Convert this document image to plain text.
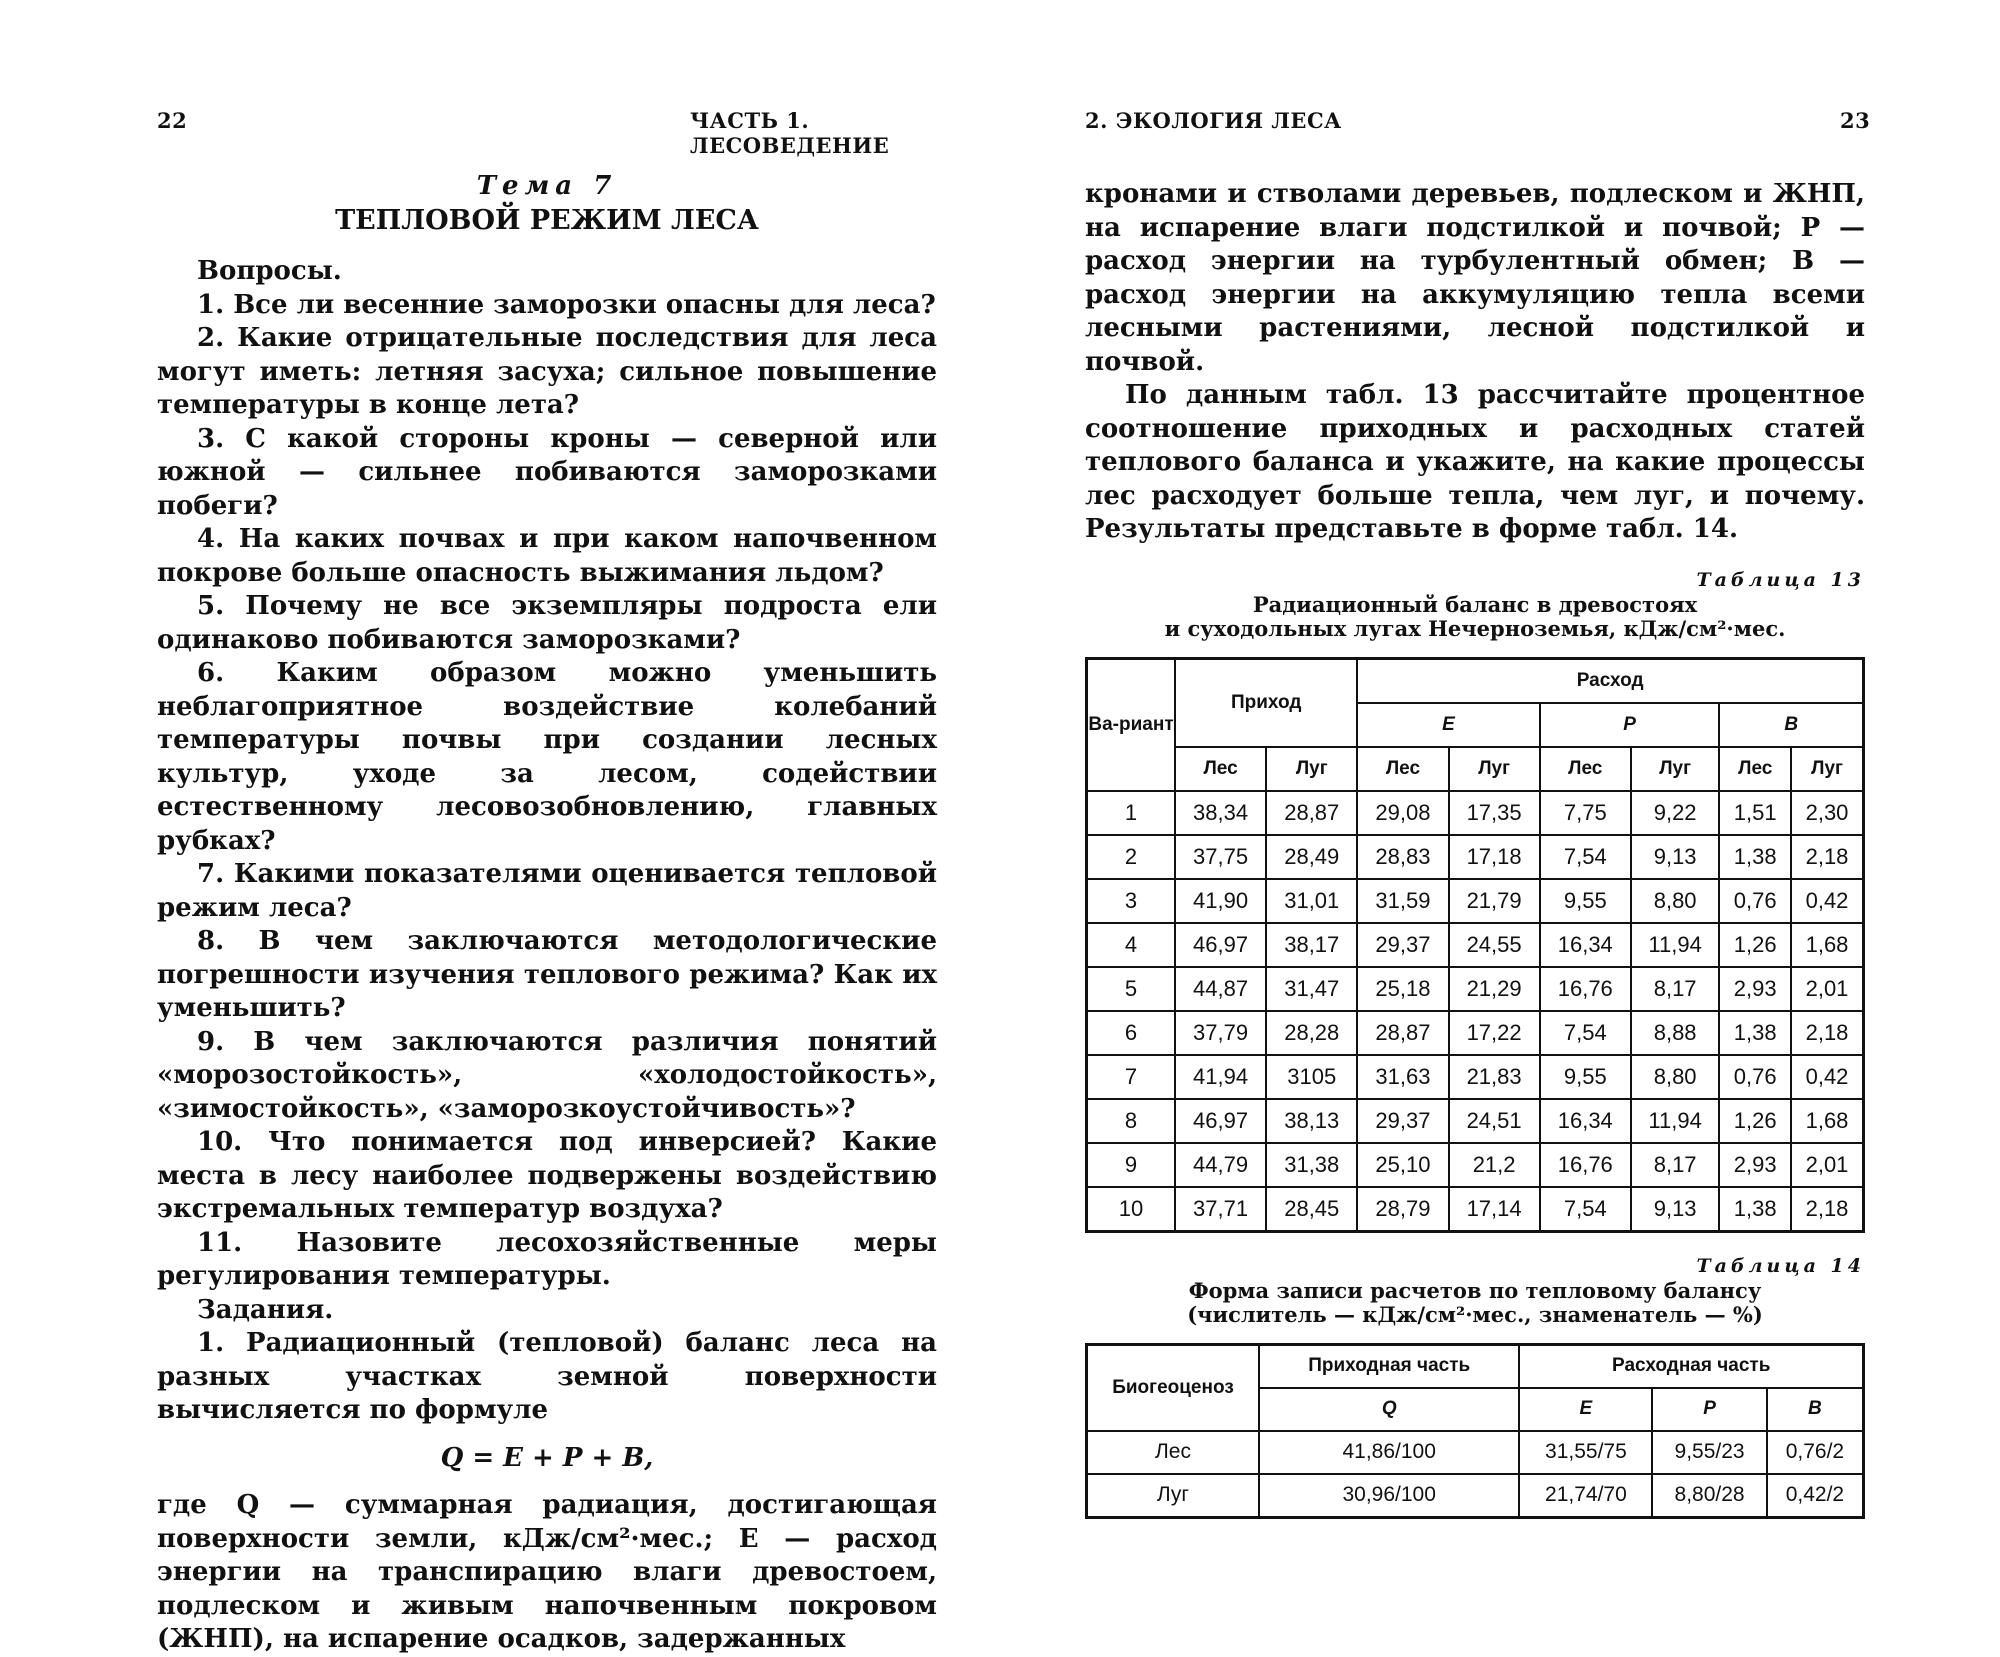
22	ЧАСТЬ 1. ЛЕСОВЕДЕНИЕ

Тема 7

ТЕПЛОВОЙ РЕЖИМ ЛЕСА

Вопросы.

1. Все ли весенние заморозки опасны для леса?

2. Какие отрицательные последствия для леса могут иметь: летняя засуха; сильное повышение температуры в конце лета?

3. С какой стороны кроны — северной или южной — сильнее побиваются заморозками побеги?

4. На каких почвах и при каком напочвенном покрове больше опасность выжимания льдом?

5. Почему не все экземпляры подроста ели одинаково побиваются заморозками?

6. Каким образом можно уменьшить неблагоприятное воздействие колебаний температуры почвы при создании лесных культур, уходе за лесом, содействии естественному лесовозобновлению, главных рубках?

7. Какими показателями оценивается тепловой режим леса?

8. В чем заключаются методологические погрешности изучения теплового режима? Как их уменьшить?

9. В чем заключаются различия понятий «морозостойкость», «холодостойкость», «зимостойкость», «заморозкоустойчивость»?

10. Что понимается под инверсией? Какие места в лесу наиболее подвержены воздействию экстремальных температур воздуха?

11. Назовите лесохозяйственные меры регулирования температуры.

Задания.

1. Радиационный (тепловой) баланс леса на разных участках земной поверхности вычисляется по формуле

Q = E + P + B,

где Q — суммарная радиация, достигающая поверхности земли, кДж/см²·мес.; E — расход энергии на транспирацию влаги древостоем, подлеском и живым напочвенным покровом (ЖНП), на испарение осадков, задержанных

2. ЭКОЛОГИЯ ЛЕСА	23

кронами и стволами деревьев, подлеском и ЖНП, на испарение влаги подстилкой и почвой; P — расход энергии на турбулентный обмен; B — расход энергии на аккумуляцию тепла всеми лесными растениями, лесной подстилкой и почвой.

По данным табл. 13 рассчитайте процентное соотношение приходных и расходных статей теплового баланса и укажите, на какие процессы лес расходует больше тепла, чем луг, и почему. Результаты представьте в форме табл. 14.

Таблица 13

Радиационный баланс в древостоях
и суходольных лугах Нечерноземья, кДж/см²·мес.
Ва-риант	Приход		Расход					
			E		P		B	
	Лес	Луг	Лес	Луг	Лес	Луг	Лес	Луг
1	38,34	28,87	29,08	17,35	7,75	9,22	1,51	2,30
2	37,75	28,49	28,83	17,18	7,54	9,13	1,38	2,18
3	41,90	31,01	31,59	21,79	9,55	8,80	0,76	0,42
4	46,97	38,17	29,37	24,55	16,34	11,94	1,26	1,68
5	44,87	31,47	25,18	21,29	16,76	8,17	2,93	2,01
6	37,79	28,28	28,87	17,22	7,54	8,88	1,38	2,18
7	41,94	3105	31,63	21,83	9,55	8,80	0,76	0,42
8	46,97	38,13	29,37	24,51	16,34	11,94	1,26	1,68
9	44,79	31,38	25,10	21,2	16,76	8,17	2,93	2,01
10	37,71	28,45	28,79	17,14	7,54	9,13	1,38	2,18

Таблица 14

Форма записи расчетов по тепловому балансу
(числитель — кДж/см²·мес., знаменатель — %)
Биогеоценоз	Приходная часть	Расходная часть		
	Q	E	P	B
Лес	41,86/100	31,55/75	9,55/23	0,76/2
Луг	30,96/100	21,74/70	8,80/28	0,42/2
